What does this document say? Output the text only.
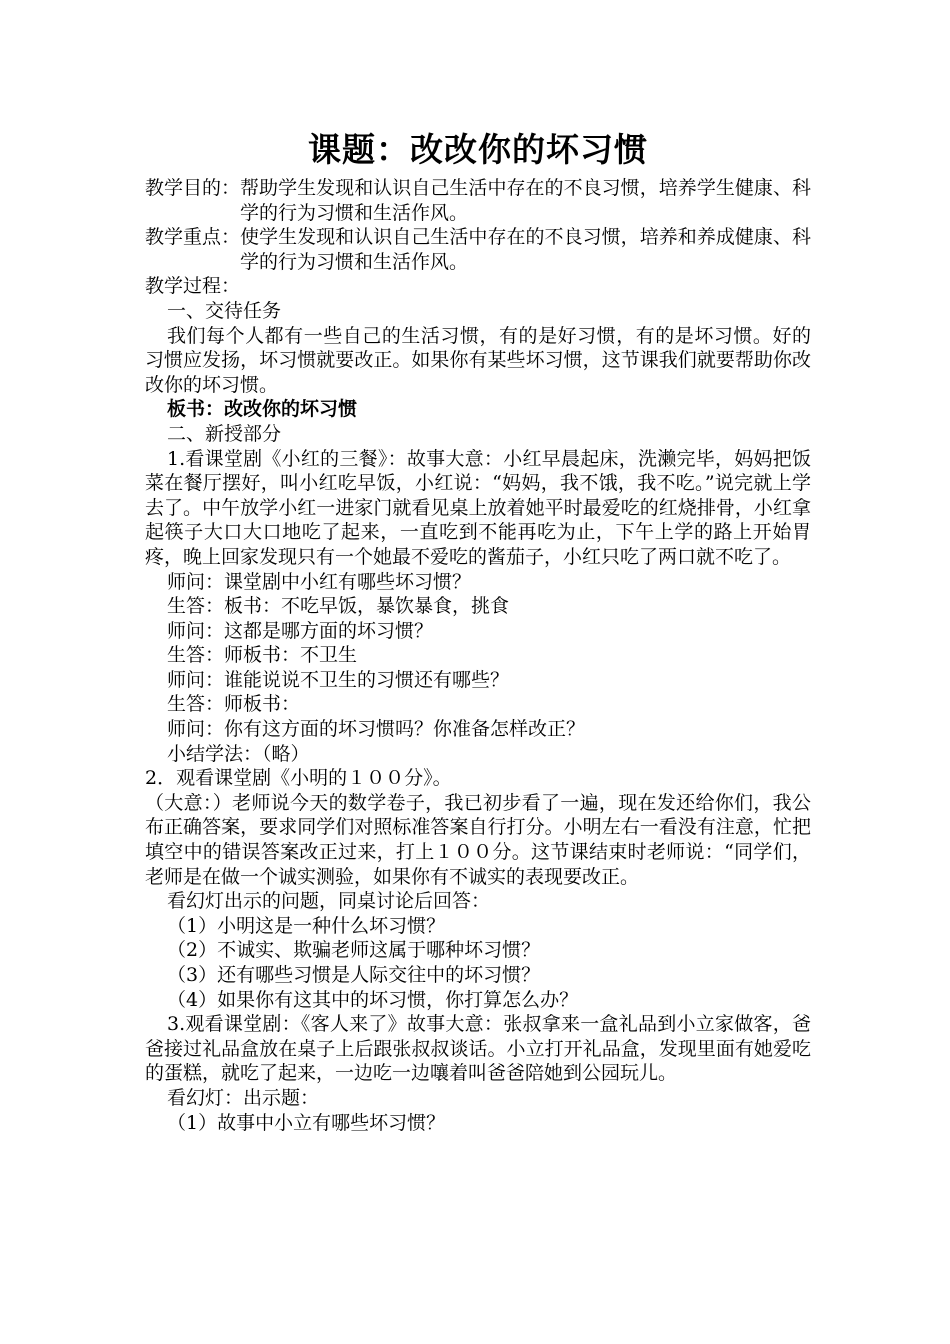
课题：改改你的坏习惯
教学目的： 帮助学生发现和认识自己生活中存在的不良习惯，培养学生健康、科学的行为习惯和生活作风。
教学重点： 使学生发现和认识自己生活中存在的不良习惯，培养和养成健康、科学的行为习惯和生活作风。
教学过程：
一、交待任务
我们每个人都有一些自己的生活习惯，有的是好习惯，有的是坏习惯。好的习惯应发扬，坏习惯就要改正。如果你有某些坏习惯，这节课我们就要帮助你改改你的坏习惯。
板书：改改你的坏习惯
二、新授部分
1.看课堂剧《小红的三餐》：故事大意：小红早晨起床，洗濑完毕，妈妈把饭菜在餐厅摆好，叫小红吃早饭，小红说：“妈妈，我不饿，我不吃。”说完就上学去了。中午放学小红一进家门就看见桌上放着她平时最爱吃的红烧排骨，小红拿起筷子大口大口地吃了起来，一直吃到不能再吃为止，下午上学的路上开始胃疼，晚上回家发现只有一个她最不爱吃的酱茄子，小红只吃了两口就不吃了。
师问：课堂剧中小红有哪些坏习惯？
生答：板书：不吃早饭，暴饮暴食，挑食
师问：这都是哪方面的坏习惯？
生答：师板书：不卫生
师问：谁能说说不卫生的习惯还有哪些？
生答：师板书：
师问：你有这方面的坏习惯吗？你准备怎样改正？
小结学法：（略）
2．观看课堂剧《小明的１００分》。
（大意：）老师说今天的数学卷子，我已初步看了一遍，现在发还给你们，我公布正确答案，要求同学们对照标准答案自行打分。小明左右一看没有注意，忙把填空中的错误答案改正过来，打上１００分。这节课结束时老师说：“同学们，老师是在做一个诚实测验，如果你有不诚实的表现要改正。
看幻灯出示的问题，同桌讨论后回答：
（1）小明这是一种什么坏习惯？
（2）不诚实、欺骗老师这属于哪种坏习惯？
（3）还有哪些习惯是人际交往中的坏习惯？
（4）如果你有这其中的坏习惯，你打算怎么办？
3.观看课堂剧：《客人来了》故事大意：张叔拿来一盒礼品到小立家做客，爸爸接过礼品盒放在桌子上后跟张叔叔谈话。小立打开礼品盒，发现里面有她爱吃的蛋糕，就吃了起来，一边吃一边嚷着叫爸爸陪她到公园玩儿。
看幻灯：出示题：
（1）故事中小立有哪些坏习惯？
